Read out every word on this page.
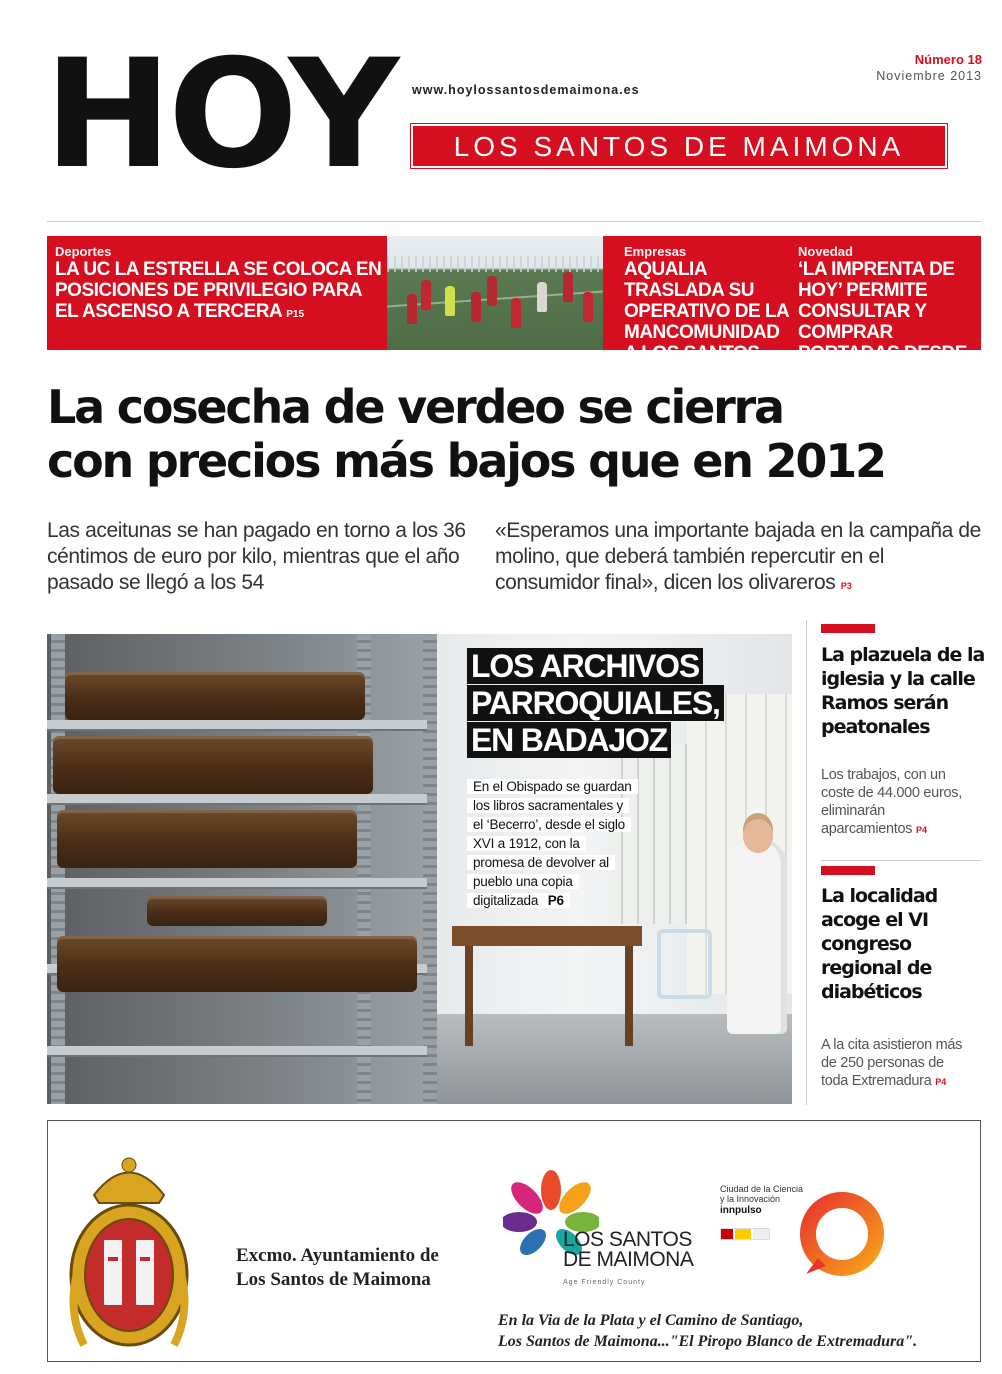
HOY www.hoylossantosdemaimona.es
LOS SANTOS DE MAIMONA
Número 18
Noviembre 2013
Deportes
LA UC LA ESTRELLA SE COLOCA EN POSICIONES DE PRIVILEGIO PARA EL ASCENSO A TERCERA P15
Empresas
AQUALIA TRASLADA SU OPERATIVO DE LA MANCOMUNIDAD A LOS SANTOS P2
Novedad
‘LA IMPRENTA DE HOY’ PERMITE CONSULTAR Y COMPRAR PORTADAS DESDE 1933 P13
La cosecha de verdeo se cierra
con precios más bajos que en 2012
Las aceitunas se han pagado en torno a los 36 céntimos de euro por kilo, mientras que el año pasado se llegó a los 54
«Esperamos una importante bajada en la campaña de molino, que deberá también repercutir en el consumidor final», dicen los olivareros P3
LOS ARCHIVOS
PARROQUIALES,
EN BADAJOZ
En el Obispado se guardan los libros sacramentales y el ‘Becerro’, desde el siglo XVI a 1912, con la promesa de devolver al pueblo una copia digitalizada P6
La plazuela de la iglesia y la calle Ramos serán peatonales
Los trabajos, con un coste de 44.000 euros, eliminarán aparcamientos P4
La localidad acoge el VI congreso regional de diabéticos
A la cita asistieron más de 250 personas de toda Extremadura P4
Excmo. Ayuntamiento de
Los Santos de Maimona
LOS SANTOS
DE MAIMONA
Age Friendly County
Ciudad de la Ciencia
y la Innovación
innpulso
En la Via de la Plata y el Camino de Santiago,
Los Santos de Maimona..."El Piropo Blanco de Extremadura".
